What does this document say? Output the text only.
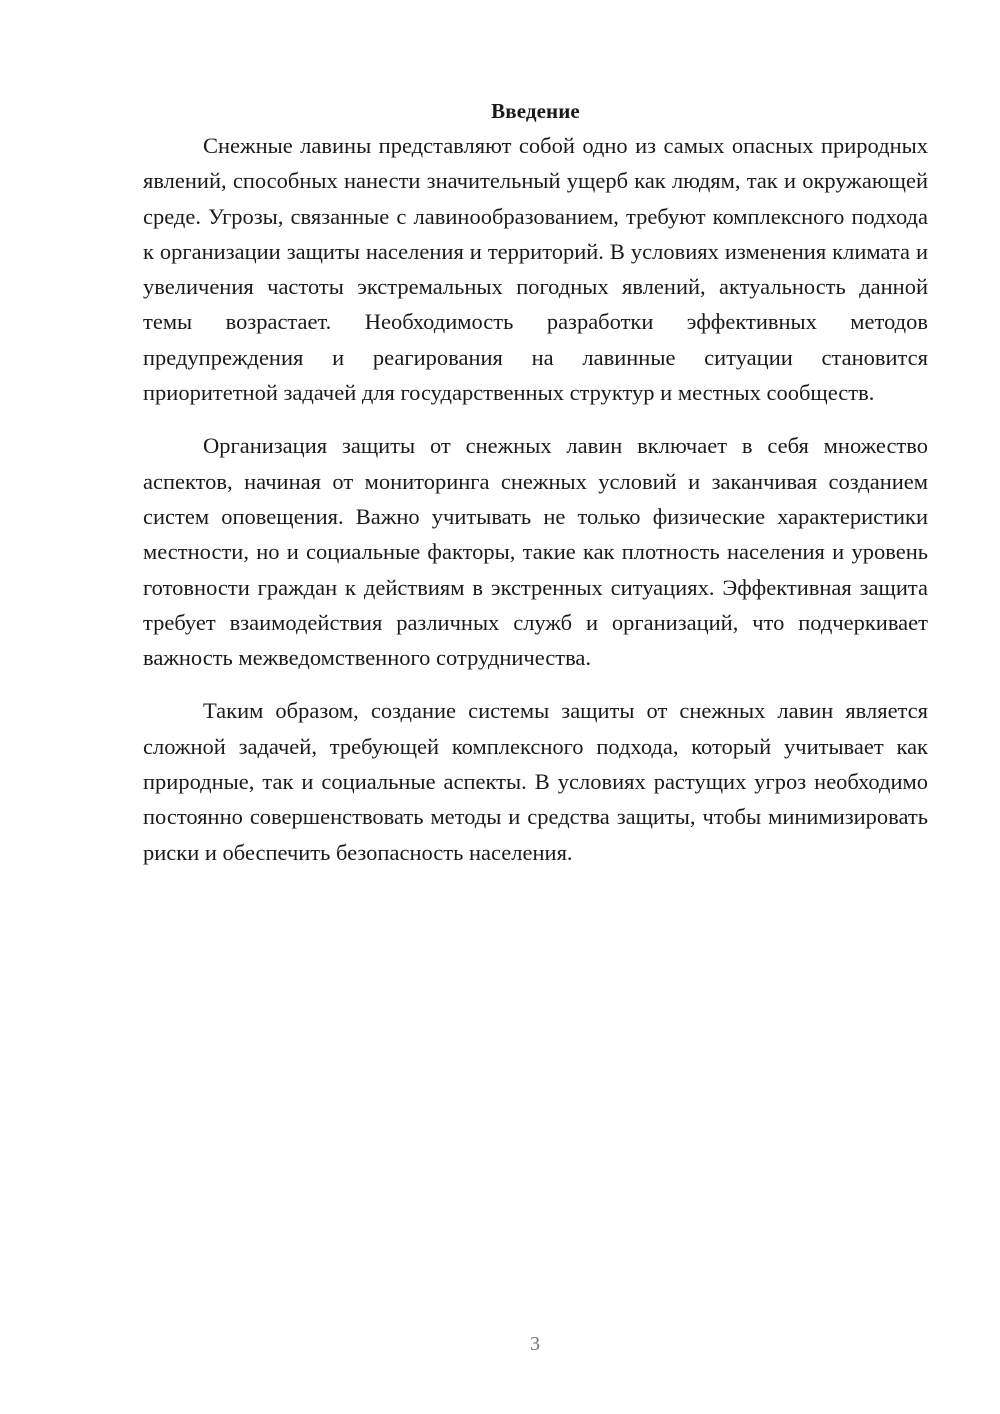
Введение

Снежные лавины представляют собой одно из самых опасных природных явлений, способных нанести значительный ущерб как людям, так и окружающей среде. Угрозы, связанные с лавинообразованием, требуют комплексного подхода к организации защиты населения и территорий. В условиях изменения климата и увеличения частоты экстремальных погодных явлений, актуальность данной темы возрастает. Необходимость разработки эффективных методов предупреждения и реагирования на лавинные ситуации становится приоритетной задачей для государственных структур и местных сообществ.

Организация защиты от снежных лавин включает в себя множество аспектов, начиная от мониторинга снежных условий и заканчивая созданием систем оповещения. Важно учитывать не только физические характеристики местности, но и социальные факторы, такие как плотность населения и уровень готовности граждан к действиям в экстренных ситуациях. Эффективная защита требует взаимодействия различных служб и организаций, что подчеркивает важность межведомственного сотрудничества.

Таким образом, создание системы защиты от снежных лавин является сложной задачей, требующей комплексного подхода, который учитывает как природные, так и социальные аспекты. В условиях растущих угроз необходимо постоянно совершенствовать методы и средства защиты, чтобы минимизировать риски и обеспечить безопасность населения.

3
